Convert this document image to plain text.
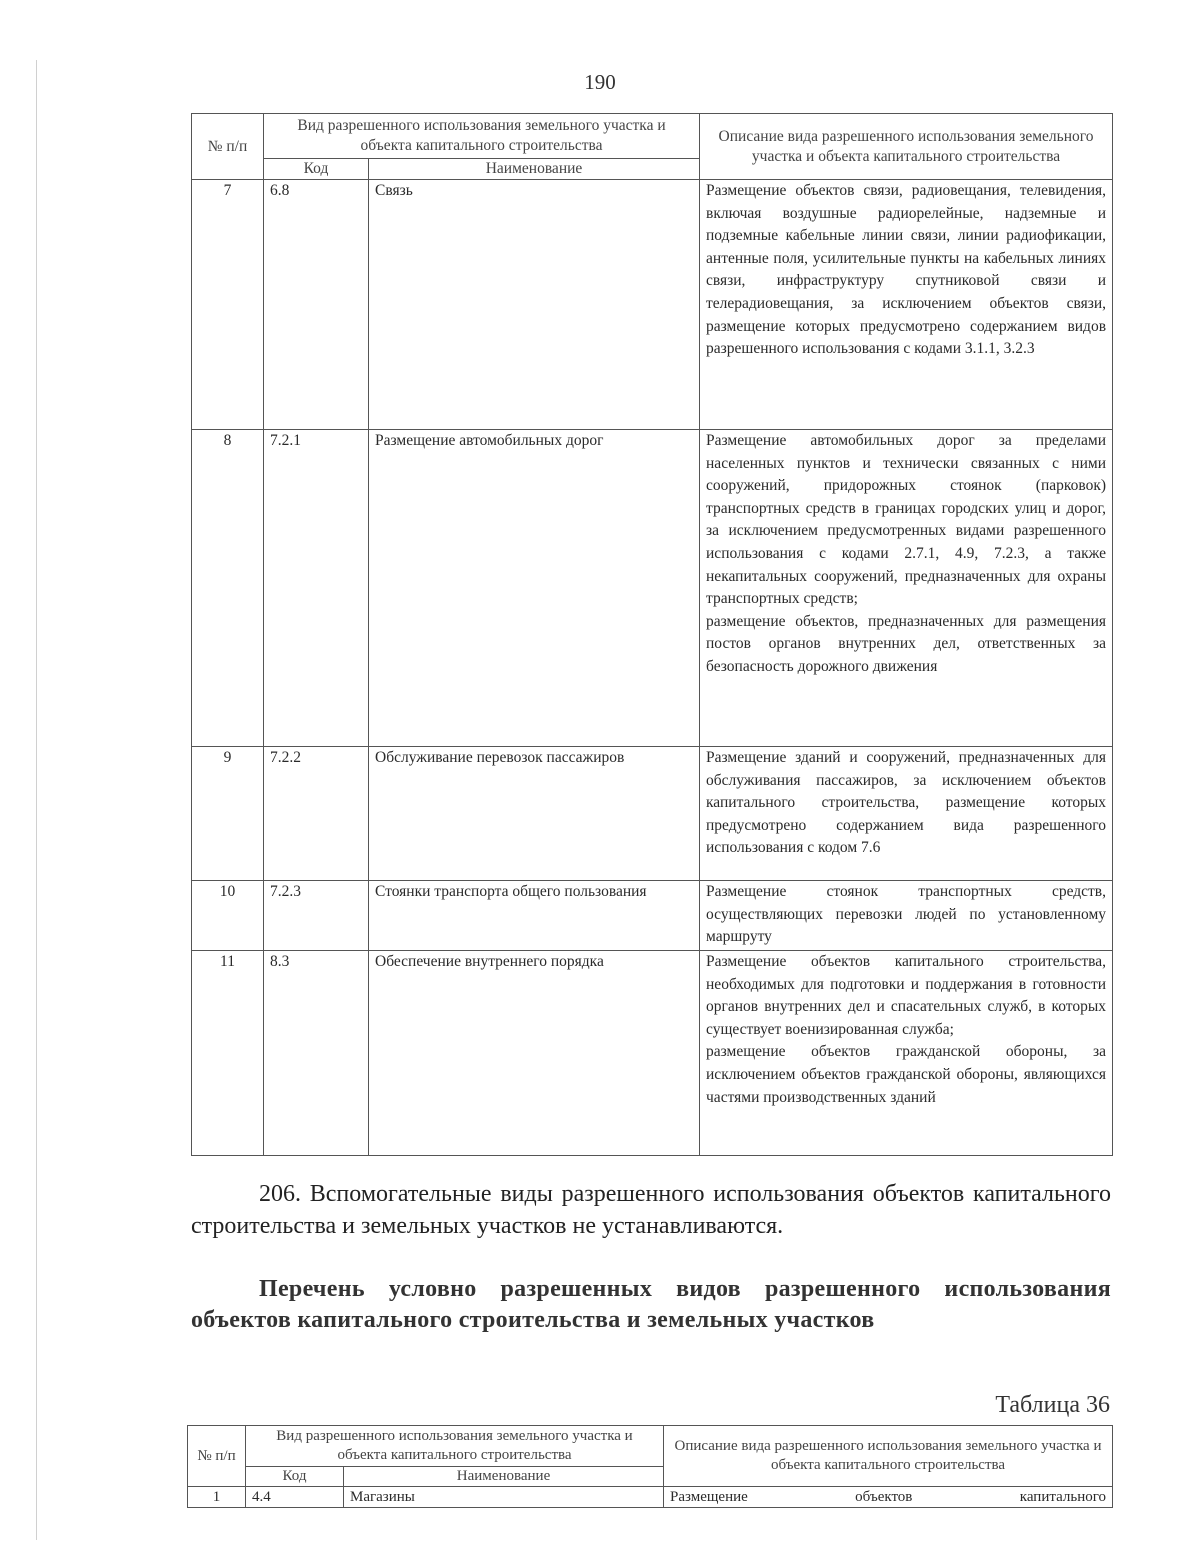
190
№ п/п	Вид разрешенного использования земельного участка и объекта капитального строительства		Описание вида разрешенного использования земельного участка и объекта капитального строительства
	Код	Наименование	
7	6.8	Связь	Размещение объектов связи, радиовещания, телевидения, включая воздушные радиорелейные, надземные и подземные кабельные линии связи, линии радиофикации, антенные поля, усилительные пункты на кабельных линиях связи, инфраструктуру спутниковой связи и телерадиовещания, за исключением объектов связи, размещение которых предусмотрено содержанием видов разрешенного использования с кодами 3.1.1, 3.2.3
8	7.2.1	Размещение автомобильных дорог	Размещение автомобильных дорог за пределами населенных пунктов и технически связанных с ними сооружений, придорожных стоянок (парковок) транспортных средств в границах городских улиц и дорог, за исключением предусмотренных видами разрешенного использования с кодами 2.7.1, 4.9, 7.2.3, а также некапитальных сооружений, предназначенных для охраны транспортных средств;
размещение объектов, предназначенных для размещения постов органов внутренних дел, ответственных за безопасность дорожного движения

9	7.2.2	Обслуживание перевозок пассажиров	Размещение зданий и сооружений, предназначенных для обслуживания пассажиров, за исключением объектов капитального строительства, размещение которых предусмотрено содержанием вида разрешенного использования с кодом 7.6
10	7.2.3	Стоянки транспорта общего пользования	Размещение стоянок транспортных средств, осуществляющих перевозки людей по установленному маршруту
11	8.3	Обеспечение внутреннего порядка	Размещение объектов капитального строительства, необходимых для подготовки и поддержания в готовности органов внутренних дел и спасательных служб, в которых существует военизированная служба;
размещение объектов гражданской обороны, за исключением объектов гражданской обороны, являющихся частями производственных зданий
206. Вспомогательные виды разрешенного использования объектов капитального строительства и земельных участков не устанавливаются.
Перечень условно разрешенных видов разрешенного использования объектов капитального строительства и земельных участков
Таблица 36
№ п/п	Вид разрешенного использования земельного участка и объекта капитального строительства		Описание вида разрешенного использования земельного участка и объекта капитального строительства
	Код	Наименование	
1	4.4	Магазины	Размещение объектов капитального
